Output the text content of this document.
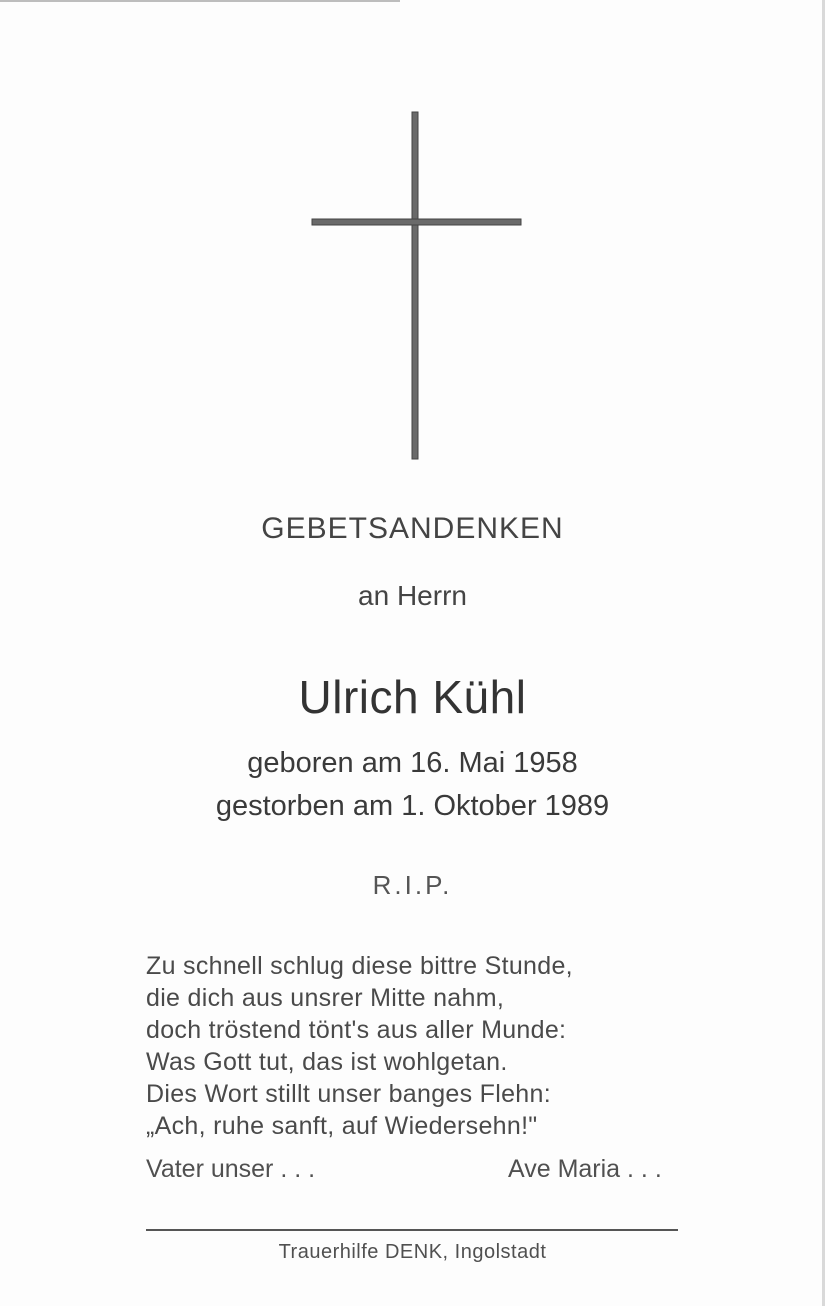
GEBETSANDENKEN
an Herrn
Ulrich Kühl
geboren am 16. Mai 1958
gestorben am 1. Oktober 1989
R.I.P.
Zu schnell schlug diese bittre Stunde,
die dich aus unsrer Mitte nahm,
doch tröstend tönt's aus aller Munde:
Was Gott tut, das ist wohlgetan.
Dies Wort stillt unser banges Flehn:
„Ach, ruhe sanft, auf Wiedersehn!"
Vater unser . . .	Ave Maria . . .
Trauerhilfe DENK, Ingolstadt
